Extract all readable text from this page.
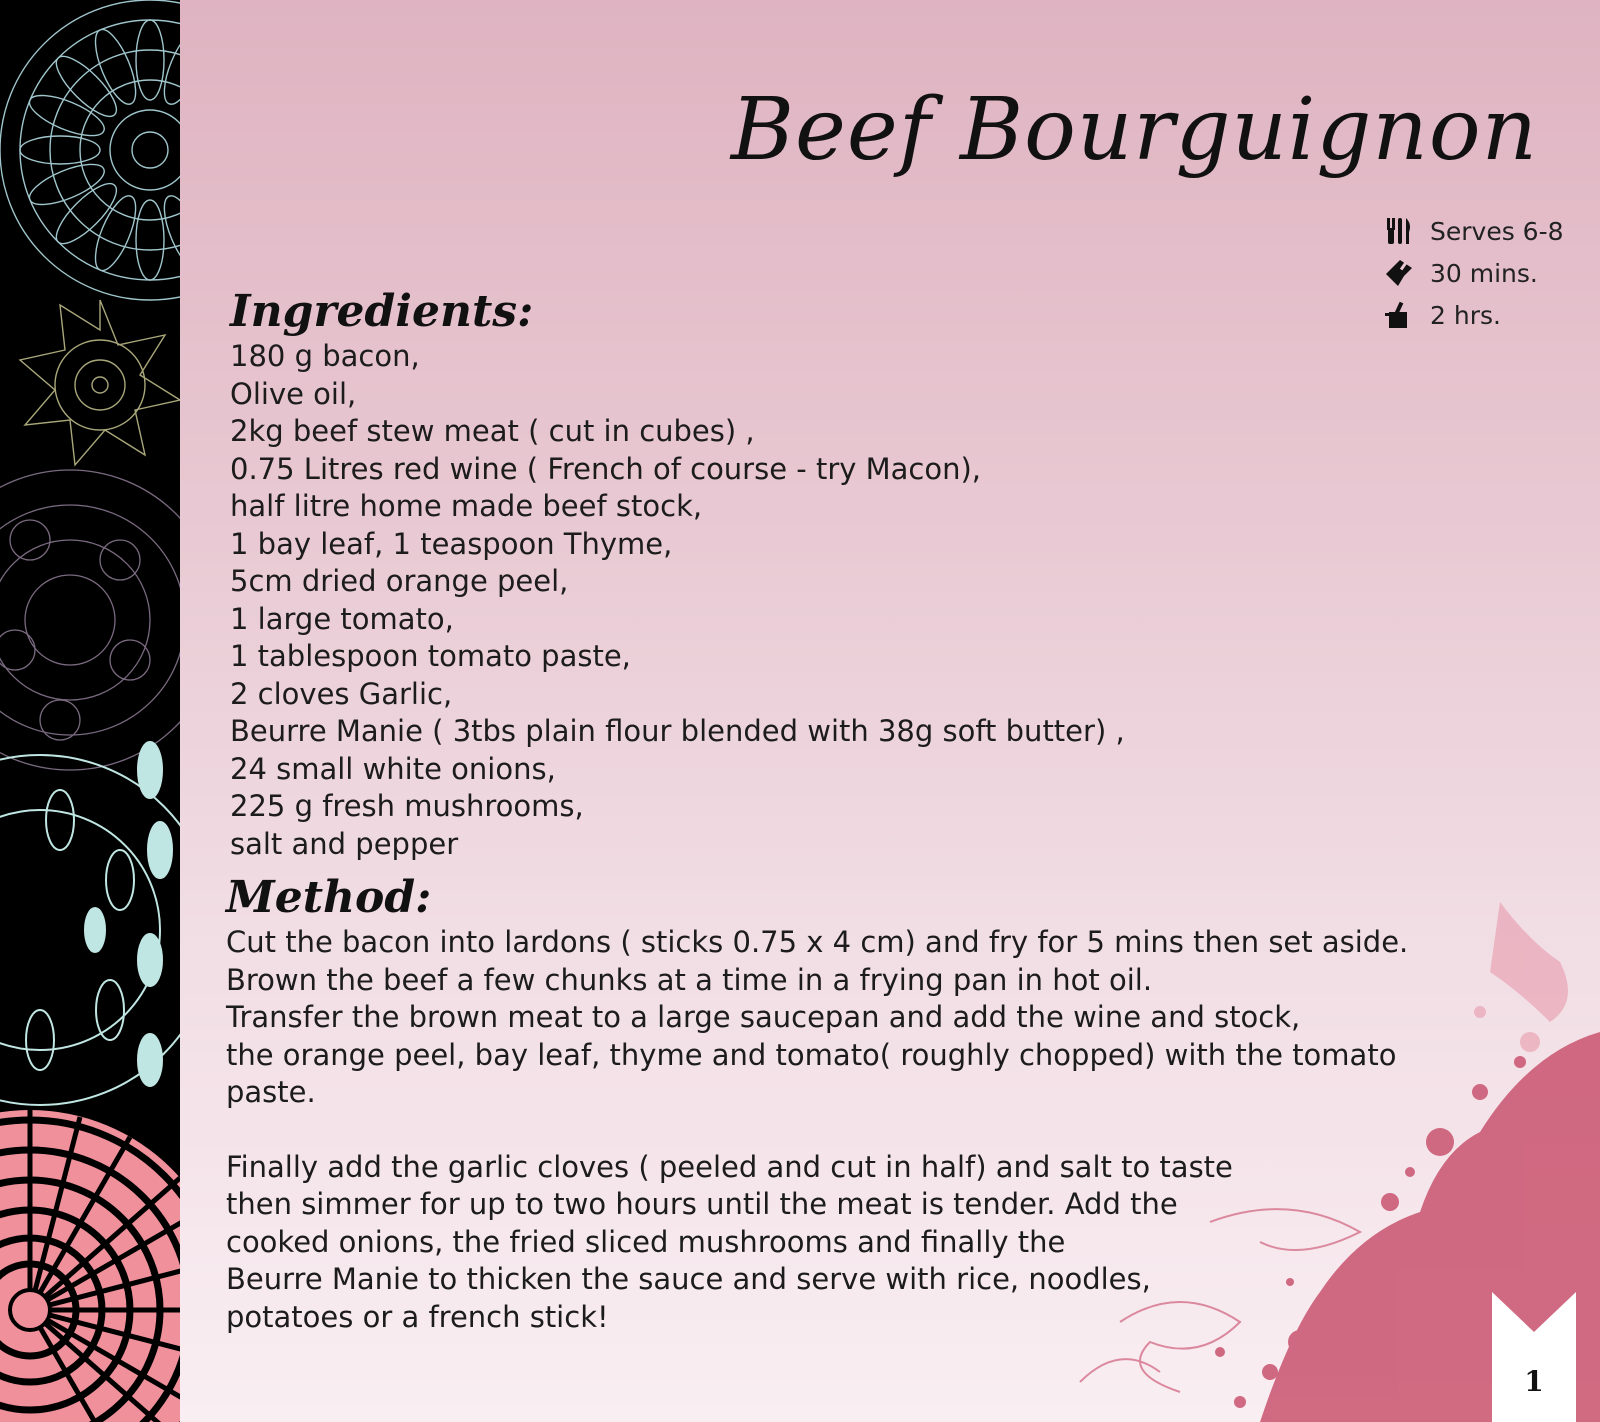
Beef Bourguignon
Serves 6-8
30 mins.
2 hrs.
Ingredients:
180 g bacon,
Olive oil,
2kg beef stew meat ( cut in cubes) ,
0.75 Litres red wine ( French of course - try Macon),
half litre home made beef stock,
1 bay leaf, 1 teaspoon Thyme,
5cm dried orange peel,
1 large tomato,
1 tablespoon tomato paste,
2 cloves Garlic,
Beurre Manie ( 3tbs plain flour blended with 38g soft butter) ,
24 small white onions,
225 g fresh mushrooms,
salt and pepper
Method:
Cut the bacon into lardons ( sticks 0.75 x 4 cm) and fry for 5 mins then set aside.
Brown the beef a few chunks at a time in a frying pan in hot oil.
Transfer the brown meat to a large saucepan and add the wine and stock,
the orange peel, bay leaf, thyme and tomato( roughly chopped) with the tomato
paste.
Finally add the garlic cloves ( peeled and cut in half) and salt to taste
then simmer for up to two hours until the meat is tender. Add the
cooked onions, the fried sliced mushrooms and finally the
Beurre Manie to thicken the sauce and serve with rice, noodles,
potatoes or a french stick!
1
